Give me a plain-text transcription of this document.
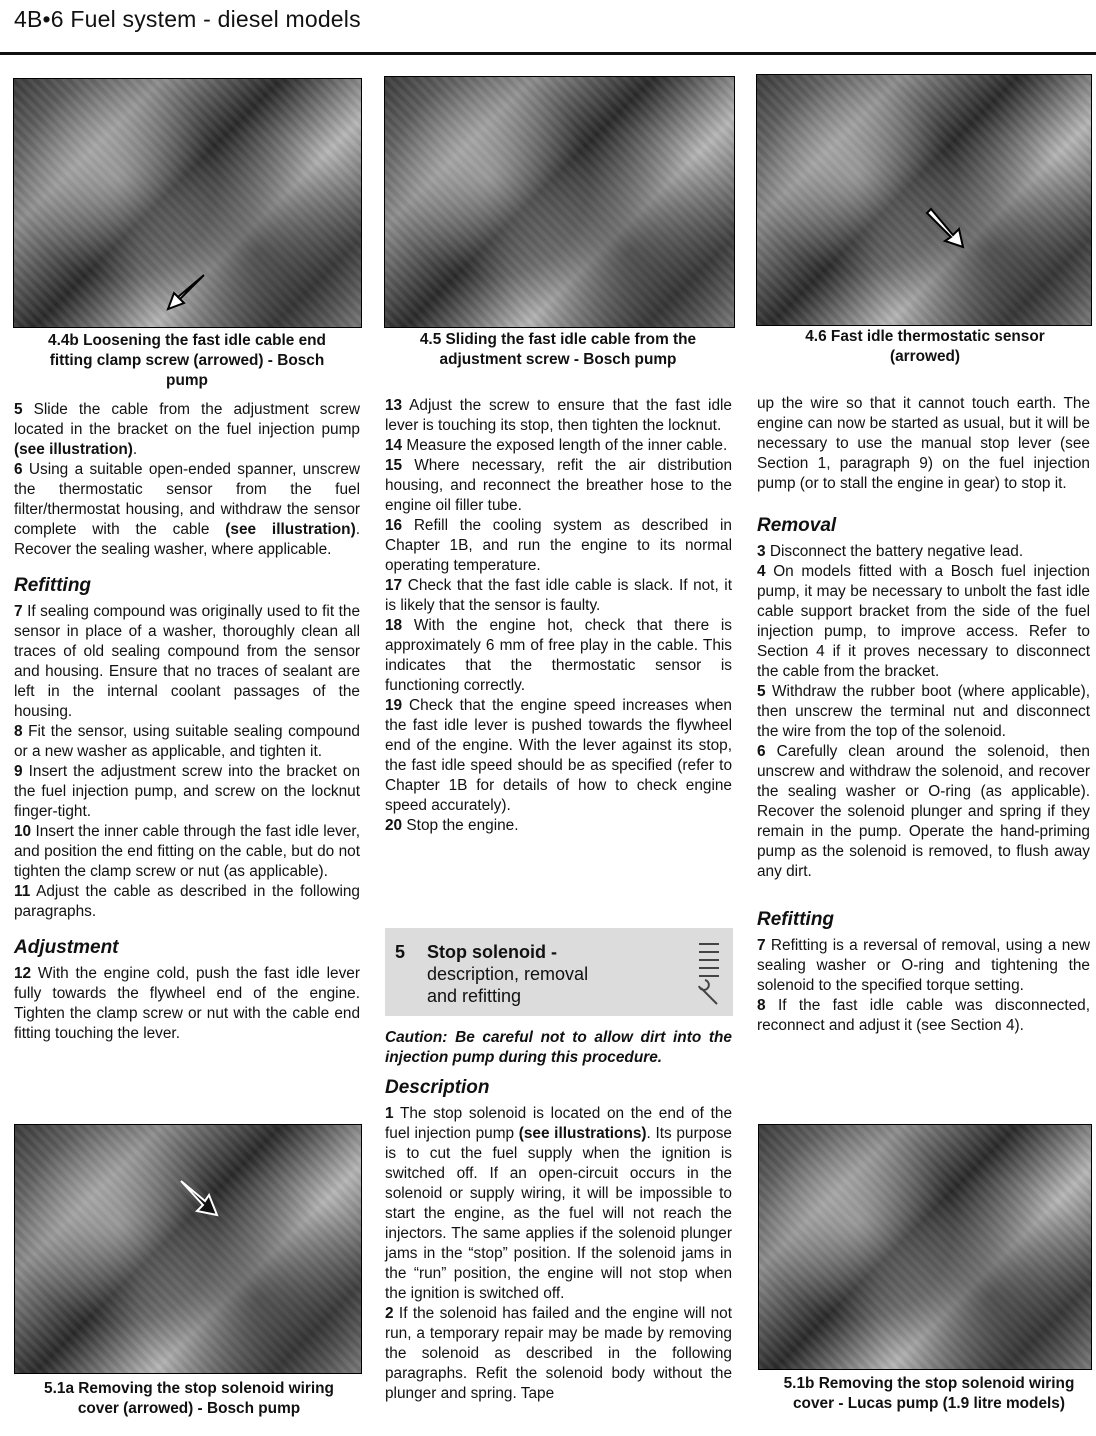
4B•6 Fuel system - diesel models
4.4b Loosening the fast idle cable end fitting clamp screw (arrowed) - Bosch pump
4.5 Sliding the fast idle cable from the adjustment screw - Bosch pump
4.6 Fast idle thermostatic sensor (arrowed)
5.1a Removing the stop solenoid wiring cover (arrowed) - Bosch pump
5.1b Removing the stop solenoid wiring cover - Lucas pump (1.9 litre models)

5 Slide the cable from the adjustment screw located in the bracket on the fuel injection pump (see illustration).

6 Using a suitable open-ended spanner, unscrew the thermostatic sensor from the fuel filter/thermostat housing, and withdraw the sensor complete with the cable (see illustration). Recover the sealing washer, where applicable.

Refitting

7 If sealing compound was originally used to fit the sensor in place of a washer, thoroughly clean all traces of old sealing compound from the sensor and housing. Ensure that no traces of sealant are left in the internal coolant passages of the housing.

8 Fit the sensor, using suitable sealing compound or a new washer as applicable, and tighten it.

9 Insert the adjustment screw into the bracket on the fuel injection pump, and screw on the locknut finger-tight.

10 Insert the inner cable through the fast idle lever, and position the end fitting on the cable, but do not tighten the clamp screw or nut (as applicable).

11 Adjust the cable as described in the following paragraphs.

Adjustment

12 With the engine cold, push the fast idle lever fully towards the flywheel end of the engine. Tighten the clamp screw or nut with the cable end fitting touching the lever.

13 Adjust the screw to ensure that the fast idle lever is touching its stop, then tighten the locknut.

14 Measure the exposed length of the inner cable.

15 Where necessary, refit the air distribution housing, and reconnect the breather hose to the engine oil filler tube.

16 Refill the cooling system as described in Chapter 1B, and run the engine to its normal operating temperature.

17 Check that the fast idle cable is slack. If not, it is likely that the sensor is faulty.

18 With the engine hot, check that there is approximately 6 mm of free play in the cable. This indicates that the thermostatic sensor is functioning correctly.

19 Check that the engine speed increases when the fast idle lever is pushed towards the flywheel end of the engine. With the lever against its stop, the fast idle speed should be as specified (refer to Chapter 1B for details of how to check engine speed accurately).

20 Stop the engine.

5 Stop solenoid -
description, removal
and refitting

Caution: Be careful not to allow dirt into the injection pump during this procedure.

Description

1 The stop solenoid is located on the end of the fuel injection pump (see illustrations). Its purpose is to cut the fuel supply when the ignition is switched off. If an open-circuit occurs in the solenoid or supply wiring, it will be impossible to start the engine, as the fuel will not reach the injectors. The same applies if the solenoid plunger jams in the “stop” position. If the solenoid jams in the “run” position, the engine will not stop when the ignition is switched off.

2 If the solenoid has failed and the engine will not run, a temporary repair may be made by removing the solenoid as described in the following paragraphs. Refit the solenoid body without the plunger and spring. Tape

up the wire so that it cannot touch earth. The engine can now be started as usual, but it will be necessary to use the manual stop lever (see Section 1, paragraph 9) on the fuel injection pump (or to stall the engine in gear) to stop it.

Removal

3 Disconnect the battery negative lead.

4 On models fitted with a Bosch fuel injection pump, it may be necessary to unbolt the fast idle cable support bracket from the side of the fuel injection pump, to improve access. Refer to Section 4 if it proves necessary to disconnect the cable from the bracket.

5 Withdraw the rubber boot (where applicable), then unscrew the terminal nut and disconnect the wire from the top of the solenoid.

6 Carefully clean around the solenoid, then unscrew and withdraw the solenoid, and recover the sealing washer or O-ring (as applicable). Recover the solenoid plunger and spring if they remain in the pump. Operate the hand-priming pump as the solenoid is removed, to flush away any dirt.

Refitting

7 Refitting is a reversal of removal, using a new sealing washer or O-ring and tightening the solenoid to the specified torque setting.

8 If the fast idle cable was disconnected, reconnect and adjust it (see Section 4).
